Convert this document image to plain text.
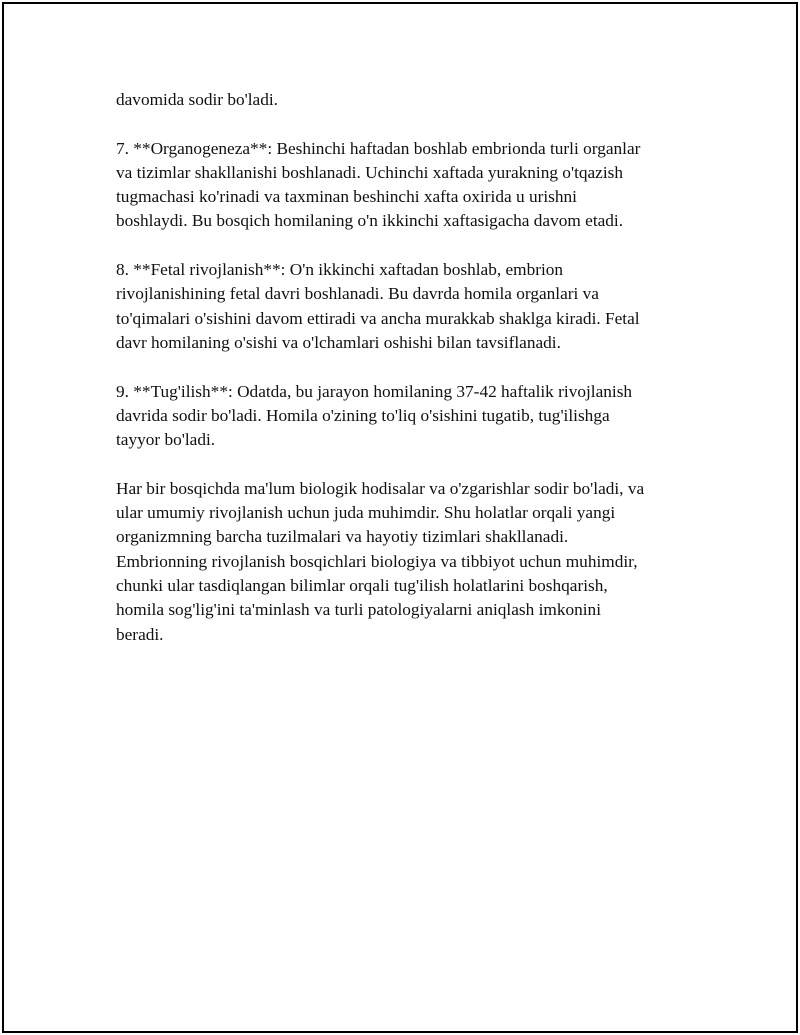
davomida sodir bo'ladi.

7. **Organogeneza**: Beshinchi haftadan boshlab embrionda turli organlar
va tizimlar shakllanishi boshlanadi. Uchinchi xaftada yurakning o'tqazish
tugmachasi ko'rinadi va taxminan beshinchi xafta oxirida u urishni
boshlaydi. Bu bosqich homilaning o'n ikkinchi xaftasigacha davom etadi.

8. **Fetal rivojlanish**: O'n ikkinchi xaftadan boshlab, embrion
rivojlanishining fetal davri boshlanadi. Bu davrda homila organlari va
to'qimalari o'sishini davom ettiradi va ancha murakkab shaklga kiradi. Fetal
davr homilaning o'sishi va o'lchamlari oshishi bilan tavsiflanadi.

9. **Tug'ilish**: Odatda, bu jarayon homilaning 37-42 haftalik rivojlanish
davrida sodir bo'ladi. Homila o'zining to'liq o'sishini tugatib, tug'ilishga
tayyor bo'ladi.

Har bir bosqichda ma'lum biologik hodisalar va o'zgarishlar sodir bo'ladi, va
ular umumiy rivojlanish uchun juda muhimdir. Shu holatlar orqali yangi
organizmning barcha tuzilmalari va hayotiy tizimlari shakllanadi.
Embrionning rivojlanish bosqichlari biologiya va tibbiyot uchun muhimdir,
chunki ular tasdiqlangan bilimlar orqali tug'ilish holatlarini boshqarish,
homila sog'lig'ini ta'minlash va turli patologiyalarni aniqlash imkonini
beradi.
